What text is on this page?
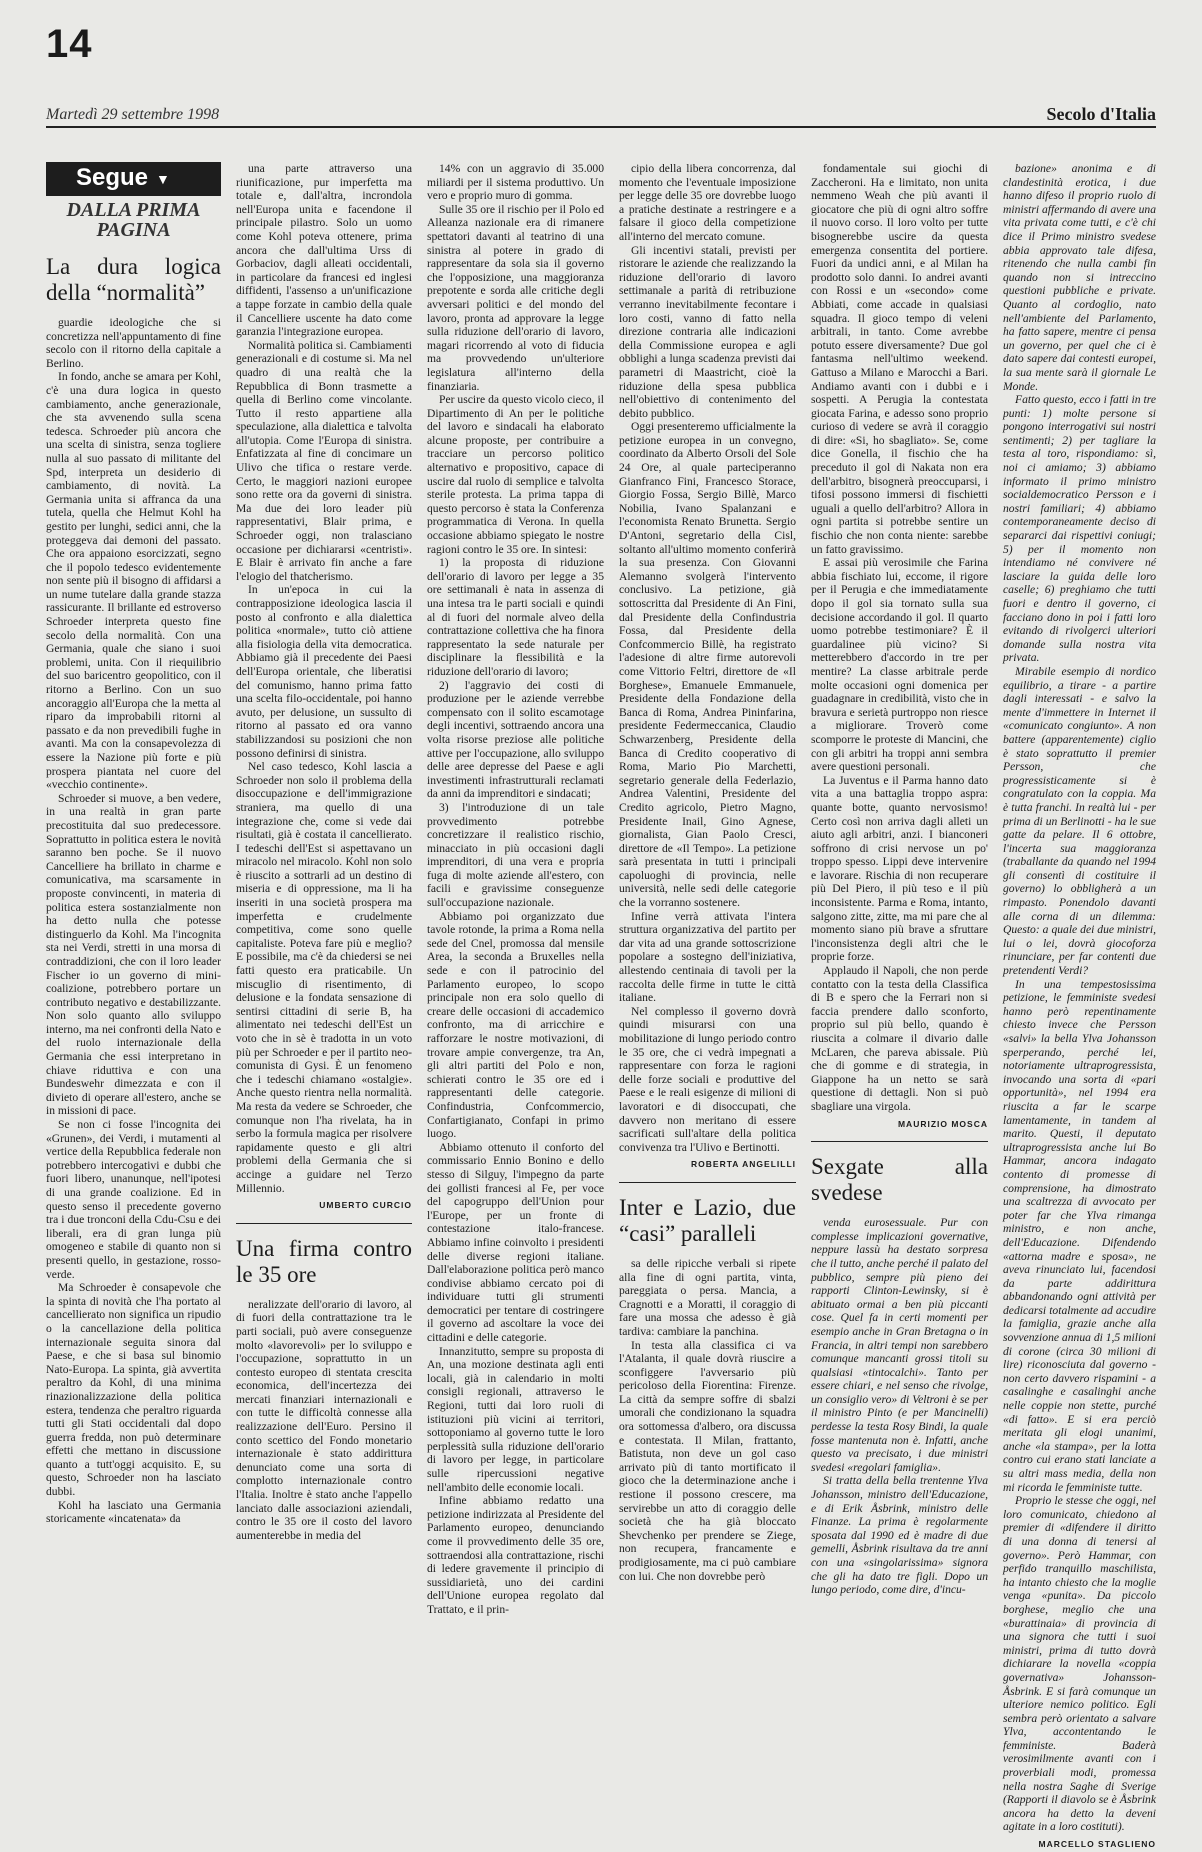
14
Martedì 29 settembre 1998	Secolo d'Italia
Segue ▼
DALLA PRIMA PAGINA
La dura logica della “normalità”

guardie ideologiche che si concretizza nell'appuntamento di fine secolo con il ritorno della capitale a Berlino.

In fondo, anche se amara per Kohl, c'è una dura logica in questo cambiamento, anche generazionale, che sta avvenendo sulla scena tedesca. Schroeder più ancora che una scelta di sinistra, senza togliere nulla al suo passato di militante del Spd, interpreta un desiderio di cambiamento, di novità. La Germania unita si affranca da una tutela, quella che Helmut Kohl ha gestito per lunghi, sedici anni, che la proteggeva dai demoni del passato. Che ora appaiono esorcizzati, segno che il popolo tedesco evidentemente non sente più il bisogno di affidarsi a un nume tutelare dalla grande stazza rassicurante. Il brillante ed estroverso Schroeder interpreta questo fine secolo della normalità. Con una Germania, quale che siano i suoi problemi, unita. Con il riequilibrio del suo baricentro geopolitico, con il ritorno a Berlino. Con un suo ancoraggio all'Europa che la metta al riparo da improbabili ritorni al passato e da non prevedibili fughe in avanti. Ma con la consapevolezza di essere la Nazione più forte e più prospera piantata nel cuore del «vecchio continente».

Schroeder si muove, a ben vedere, in una realtà in gran parte precostituita dal suo predecessore. Soprattutto in politica estera le novità saranno ben poche. Se il nuovo Cancelliere ha brillato in charme e comunicativa, ma scarsamente in proposte convincenti, in materia di politica estera sostanzialmente non ha detto nulla che potesse distinguerlo da Kohl. Ma l'incognita sta nei Verdi, stretti in una morsa di contraddizioni, che con il loro leader Fischer io un governo di mini-coalizione, potrebbero portare un contributo negativo e destabilizzante. Non solo quanto allo sviluppo interno, ma nei confronti della Nato e del ruolo internazionale della Germania che essi interpretano in chiave riduttiva e con una Bundeswehr dimezzata e con il divieto di operare all'estero, anche se in missioni di pace.

Se non ci fosse l'incognita dei «Grunen», dei Verdi, i mutamenti al vertice della Repubblica federale non potrebbero intercogativi e dubbi che fuori libero, unanunque, nell'ipotesi di una grande coalizione. Ed in questo senso il precedente governo tra i due tronconi della Cdu-Csu e dei liberali, era di gran lunga più omogeneo e stabile di quanto non si presenti quello, in gestazione, rosso-verde.

Ma Schroeder è consapevole che la spinta di novità che l'ha portato al cancellierato non significa un ripudio o la cancellazione della politica internazionale seguita sinora dal Paese, e che si basa sul binomio Nato-Europa. La spinta, già avvertita peraltro da Kohl, di una minima rinazionalizzazione della politica estera, tendenza che peraltro riguarda tutti gli Stati occidentali dal dopo guerra fredda, non può determinare effetti che mettano in discussione quanto a tutt'oggi acquisito. E, su questo, Schroeder non ha lasciato dubbi.

Kohl ha lasciato una Germania storicamente «incatenata» da

una parte attraverso una riunificazione, pur imperfetta ma totale e, dall'altra, incrondola nell'Europa unita e facendone il principale pilastro. Solo un uomo come Kohl poteva ottenere, prima ancora che dall'ultima Urss di Gorbaciov, dagli alleati occidentali, in particolare da francesi ed inglesi diffidenti, l'assenso a un'unificazione a tappe forzate in cambio della quale il Cancelliere uscente ha dato come garanzia l'integrazione europea.

Normalità politica si. Cambiamenti generazionali e di costume si. Ma nel quadro di una realtà che la Repubblica di Bonn trasmette a quella di Berlino come vincolante. Tutto il resto appartiene alla speculazione, alla dialettica e talvolta all'utopia. Come l'Europa di sinistra. Enfatizzata al fine di concimare un Ulivo che tifica o restare verde. Certo, le maggiori nazioni europee sono rette ora da governi di sinistra. Ma due dei loro leader più rappresentativi, Blair prima, e Schroeder oggi, non tralasciano occasione per dichiararsi «centristi». E Blair è arrivato fin anche a fare l'elogio del thatcherismo.

In un'epoca in cui la contrapposizione ideologica lascia il posto al confronto e alla dialettica politica «normale», tutto ciò attiene alla fisiologia della vita democratica. Abbiamo già il precedente dei Paesi dell'Europa orientale, che liberatisi del comunismo, hanno prima fatto una scelta filo-occidentale, poi hanno avuto, per delusione, un sussulto di ritorno al passato ed ora vanno stabilizzandosi su posizioni che non possono definirsi di sinistra.

Nel caso tedesco, Kohl lascia a Schroeder non solo il problema della disoccupazione e dell'immigrazione straniera, ma quello di una integrazione che, come si vede dai risultati, già è costata il cancellierato. I tedeschi dell'Est si aspettavano un miracolo nel miracolo. Kohl non solo è riuscito a sottrarli ad un destino di miseria e di oppressione, ma li ha inseriti in una società prospera ma imperfetta e crudelmente competitiva, come sono quelle capitaliste. Poteva fare più e meglio? E possibile, ma c'è da chiedersi se nei fatti questo era praticabile. Un miscuglio di risentimento, di delusione e la fondata sensazione di sentirsi cittadini di serie B, ha alimentato nei tedeschi dell'Est un voto che in sè è tradotta in un voto più per Schroeder e per il partito neo-comunista di Gysi. È un fenomeno che i tedeschi chiamano «ostalgie». Anche questo rientra nella normalità. Ma resta da vedere se Schroeder, che comunque non l'ha rivelata, ha in serbo la formula magica per risolvere rapidamente questo e gli altri problemi della Germania che si accinge a guidare nel Terzo Millennio.

UMBERTO CURCIO
Una firma contro le 35 ore

neralizzate dell'orario di lavoro, al di fuori della contrattazione tra le parti sociali, può avere conseguenze molto «lavorevoli» per lo sviluppo e l'occupazione, soprattutto in un contesto europeo di stentata crescita economica, dell'incertezza dei mercati finanziari internazionali e con tutte le difficoltà connesse alla realizzazione dell'Euro. Persino il conto scettico del Fondo monetario internazionale è stato addirittura denunciato come una sorta di complotto internazionale contro l'Italia. Inoltre è stato anche l'appello lanciato dalle associazioni aziendali, contro le 35 ore il costo del lavoro aumenterebbe in media del

14% con un aggravio di 35.000 miliardi per il sistema produttivo. Un vero e proprio muro di gomma.

Sulle 35 ore il rischio per il Polo ed Alleanza nazionale era di rimanere spettatori davanti al teatrino di una sinistra al potere in grado di rappresentare da sola sia il governo che l'opposizione, una maggioranza prepotente e sorda alle critiche degli avversari politici e del mondo del lavoro, pronta ad approvare la legge sulla riduzione dell'orario di lavoro, magari ricorrendo al voto di fiducia ma provvedendo un'ulteriore legislatura all'interno della finanziaria.

Per uscire da questo vicolo cieco, il Dipartimento di An per le politiche del lavoro e sindacali ha elaborato alcune proposte, per contribuire a tracciare un percorso politico alternativo e propositivo, capace di uscire dal ruolo di semplice e talvolta sterile protesta. La prima tappa di questo percorso è stata la Conferenza programmatica di Verona. In quella occasione abbiamo spiegato le nostre ragioni contro le 35 ore. In sintesi:

1) la proposta di riduzione dell'orario di lavoro per legge a 35 ore settimanali è nata in assenza di una intesa tra le parti sociali e quindi al di fuori del normale alveo della contrattazione collettiva che ha finora rappresentato la sede naturale per disciplinare la flessibilità e la riduzione dell'orario di lavoro;

2) l'aggravio dei costi di produzione per le aziende verrebbe compensato con il solito escamotage degli incentivi, sottraendo ancora una volta risorse preziose alle politiche attive per l'occupazione, allo sviluppo delle aree depresse del Paese e agli investimenti infrastrutturali reclamati da anni da imprenditori e sindacati;

3) l'introduzione di un tale provvedimento potrebbe concretizzare il realistico rischio, minacciato in più occasioni dagli imprenditori, di una vera e propria fuga di molte aziende all'estero, con facili e gravissime conseguenze sull'occupazione nazionale.

Abbiamo poi organizzato due tavole rotonde, la prima a Roma nella sede del Cnel, promossa dal mensile Area, la seconda a Bruxelles nella sede e con il patrocinio del Parlamento europeo, lo scopo principale non era solo quello di creare delle occasioni di accademico confronto, ma di arricchire e rafforzare le nostre motivazioni, di trovare ampie convergenze, tra An, gli altri partiti del Polo e non, schierati contro le 35 ore ed i rappresentanti delle categorie. Confindustria, Confcommercio, Confartigianato, Confapi in primo luogo.

Abbiamo ottenuto il conforto del commissario Ennio Bonino e dello stesso di Silguy, l'impegno da parte dei gollisti francesi al Fe, per voce del capogruppo dell'Union pour l'Europe, per un fronte di contestazione italo-francese. Abbiamo infine coinvolto i presidenti delle diverse regioni italiane. Dall'elaborazione politica però manco condivise abbiamo cercato poi di individuare tutti gli strumenti democratici per tentare di costringere il governo ad ascoltare la voce dei cittadini e delle categorie.

Innanzitutto, sempre su proposta di An, una mozione destinata agli enti locali, già in calendario in molti consigli regionali, attraverso le Regioni, tutti dai loro ruoli di istituzioni più vicini ai territori, sottoponiamo al governo tutte le loro perplessità sulla riduzione dell'orario di lavoro per legge, in particolare sulle ripercussioni negative nell'ambito delle economie locali.

Infine abbiamo redatto una petizione indirizzata al Presidente del Parlamento europeo, denunciando come il provvedimento delle 35 ore, sottraendosi alla contrattazione, rischi di ledere gravemente il principio di sussidiarietà, uno dei cardini dell'Unione europea regolato dal Trattato, e il prin-

cipio della libera concorrenza, dal momento che l'eventuale imposizione per legge delle 35 ore dovrebbe luogo a pratiche destinate a restringere e a falsare il gioco della competizione all'interno del mercato comune.

Gli incentivi statali, previsti per ristorare le aziende che realizzando la riduzione dell'orario di lavoro settimanale a parità di retribuzione verranno inevitabilmente fecontare i loro costi, vanno di fatto nella direzione contraria alle indicazioni della Commissione europea e agli obblighi a lunga scadenza previsti dai parametri di Maastricht, cioè la riduzione della spesa pubblica nell'obiettivo di contenimento del debito pubblico.

Oggi presenteremo ufficialmente la petizione europea in un convegno, coordinato da Alberto Orsoli del Sole 24 Ore, al quale parteciperanno Gianfranco Fini, Francesco Storace, Giorgio Fossa, Sergio Billè, Marco Nobilia, Ivano Spalanzani e l'economista Renato Brunetta. Sergio D'Antoni, segretario della Cisl, soltanto all'ultimo momento conferirà la sua presenza. Con Giovanni Alemanno svolgerà l'intervento conclusivo. La petizione, già sottoscritta dal Presidente di An Fini, dal Presidente della Confindustria Fossa, dal Presidente della Confcommercio Billè, ha registrato l'adesione di altre firme autorevoli come Vittorio Feltri, direttore de «Il Borghese», Emanuele Emmanuele, Presidente della Fondazione della Banca di Roma, Andrea Pininfarina, presidente Federmeccanica, Claudio Schwarzenberg, Presidente della Banca di Credito cooperativo di Roma, Mario Pio Marchetti, segretario generale della Federlazio, Andrea Valentini, Presidente del Credito agricolo, Pietro Magno, Presidente Inail, Gino Agnese, giornalista, Gian Paolo Cresci, direttore de «Il Tempo». La petizione sarà presentata in tutti i principali capoluoghi di provincia, nelle università, nelle sedi delle categorie che la vorranno sostenere.

Infine verrà attivata l'intera struttura organizzativa del partito per dar vita ad una grande sottoscrizione popolare a sostegno dell'iniziativa, allestendo centinaia di tavoli per la raccolta delle firme in tutte le città italiane.

Nel complesso il governo dovrà quindi misurarsi con una mobilitazione di lungo periodo contro le 35 ore, che ci vedrà impegnati a rappresentare con forza le ragioni delle forze sociali e produttive del Paese e le reali esigenze di milioni di lavoratori e di disoccupati, che davvero non meritano di essere sacrificati sull'altare della politica convivenza tra l'Ulivo e Bertinotti.

ROBERTA ANGELILLI
Inter e Lazio, due “casi” paralleli

sa delle ripicche verbali si ripete alla fine di ogni partita, vinta, pareggiata o persa. Mancia, a Cragnotti e a Moratti, il coraggio di fare una mossa che adesso è già tardiva: cambiare la panchina.

In testa alla classifica ci va l'Atalanta, il quale dovrà riuscire a sconfiggere l'avversario più pericoloso della Fiorentina: Firenze. La città da sempre soffre di sbalzi umorali che condizionano la squadra ora sottomessa d'albero, ora discussa e contestata. Il Milan, frattanto, Batistuta, non deve un gol caso arrivato più di tanto mortificato il gioco che la determinazione anche i restione il possono crescere, ma servirebbe un atto di coraggio delle società che ha già bloccato Shevchenko per prendere se Ziege, non recupera, francamente e prodigiosamente, ma ci può cambiare con lui. Che non dovrebbe però

fondamentale sui giochi di Zaccheroni. Ha e limitato, non unita nemmeno Weah che più avanti il giocatore che più di ogni altro soffre il nuovo corso. Il loro volto per tutte bisognerebbe uscire da questa emergenza consentita del portiere. Fuori da undici anni, e al Milan ha prodotto solo danni. Io andrei avanti con Rossi e un «secondo» come Abbiati, come accade in qualsiasi squadra. Il gioco tempo di veleni arbitrali, in tanto. Come avrebbe potuto essere diversamente? Due gol fantasma nell'ultimo weekend. Gattuso a Milano e Marocchi a Bari. Andiamo avanti con i dubbi e i sospetti. A Perugia la contestata giocata Farina, e adesso sono proprio curioso di vedere se avrà il coraggio di dire: «Si, ho sbagliato». Se, come dice Gonella, il fischio che ha preceduto il gol di Nakata non era dell'arbitro, bisognerà preoccuparsi, i tifosi possono immersi di fischietti uguali a quello dell'arbitro? Allora in ogni partita si potrebbe sentire un fischio che non conta niente: sarebbe un fatto gravissimo.

E assai più verosimile che Farina abbia fischiato lui, eccome, il rigore per il Perugia e che immediatamente dopo il gol sia tornato sulla sua decisione accordando il gol. Il quarto uomo potrebbe testimoniare? È il guardalinee più vicino? Si metterebbero d'accordo in tre per mentire? La classe arbitrale perde molte occasioni ogni domenica per guadagnare in credibilità, visto che in bravura e serietà purtroppo non riesce a migliorare. Troverò come scomporre le proteste di Mancini, che con gli arbitri ha troppi anni sembra avere questioni personali.

La Juventus e il Parma hanno dato vita a una battaglia troppo aspra: quante botte, quanto nervosismo! Certo così non arriva dagli alleti un aiuto agli arbitri, anzi. I bianconeri soffrono di crisi nervose un po' troppo spesso. Lippi deve intervenire e lavorare. Rischia di non recuperare più Del Piero, il più teso e il più inconsistente. Parma e Roma, intanto, salgono zitte, zitte, ma mi pare che al momento siano più brave a sfruttare l'inconsistenza degli altri che le proprie forze.

Applaudo il Napoli, che non perde contatto con la testa della Classifica di B e spero che la Ferrari non si faccia prendere dallo sconforto, proprio sul più bello, quando è riuscita a colmare il divario dalle McLaren, che pareva abissale. Più che di gomme e di strategia, in Giappone ha un netto se sarà questione di dettagli. Non si può sbagliare una virgola.

MAURIZIO MOSCA
Sexgate alla svedese

venda eurosessuale. Pur con complesse implicazioni governative, neppure lassù ha destato sorpresa che il tutto, anche perché il palato del pubblico, sempre più pieno dei rapporti Clinton-Lewinsky, si è abituato ormai a ben più piccanti cose. Quel fa in certi momenti per esempio anche in Gran Bretagna o in Francia, in altri tempi non sarebbero comunque mancanti grossi titoli su qualsiasi «tintocalchi». Tanto per essere chiari, e nel senso che rivolge, un consiglio vero» di Veltroni è se per il ministro Pinto (e per Mancinelli) perdesse la testa Rosy Bindi, la quale fosse mantenuta non è. Infatti, anche questo va precisato, i due ministri svedesi «regolari famiglia».

Si tratta della bella trentenne Ylva Johansson, ministro dell'Educazione, e di Erik Åsbrink, ministro delle Finanze. La prima è regolarmente sposata dal 1990 ed è madre di due gemelli, Åsbrink risultava da tre anni con una «singolarissima» signora che gli ha dato tre figli. Dopo un lungo periodo, come dire, d'incu-

bazione» anonima e di clandestinità erotica, i due hanno difeso il proprio ruolo di ministri affermando di avere una vita privata come tutti, e c'è chi dice il Primo ministro svedese abbia approvato tale difesa, ritenendo che nulla cambi fin quando non si intreccino questioni pubbliche e private. Quanto al cordoglio, nato nell'ambiente del Parlamento, ha fatto sapere, mentre ci pensa un governo, per quel che ci è dato sapere dai contesti europei, la sua mente sarà il giornale Le Monde.

Fatto questo, ecco i fatti in tre punti: 1) molte persone si pongono interrogativi sui nostri sentimenti; 2) per tagliare la testa al toro, rispondiamo: sì, noi ci amiamo; 3) abbiamo informato il primo ministro socialdemocratico Persson e i nostri familiari; 4) abbiamo contemporaneamente deciso di separarci dai rispettivi coniugi; 5) per il momento non intendiamo né convivere né lasciare la guida delle loro caselle; 6) preghiamo che tutti fuori e dentro il governo, ci facciano dono in poi i fatti loro evitando di rivolgerci ulteriori domande sulla nostra vita privata.

Mirabile esempio di nordico equilibrio, a tirare - a partire dagli interessati - e salvo la mente d'immettere in Internet il «comunicato congiunto». A non battere (apparentemente) ciglio è stato soprattutto il premier Persson, che progressisticamente si è congratulato con la coppia. Ma è tutta franchi. In realtà lui - per prima di un Berlinotti - ha le sue gatte da pelare. Il 6 ottobre, l'incerta sua maggioranza (traballante da quando nel 1994 gli consentì di costituire il governo) lo obbligherà a un rimpasto. Ponendolo davanti alle corna di un dilemma: Questo: a quale dei due ministri, lui o lei, dovrà giocoforza rinunciare, per far contenti due pretendenti Verdi?

In una tempestosissima petizione, le femministe svedesi hanno però repentinamente chiesto invece che Persson «salvi» la bella Ylva Johansson sperperando, perché lei, notoriamente ultraprogressista, invocando una sorta di «pari opportunità», nel 1994 era riuscita a far le scarpe lamentamente, in tandem al marito. Questi, il deputato ultraprogressista anche lui Bo Hammar, ancora indagato contento di promesse di comprensione, ha dimostrato una scaltrezza di avvocato per poter far che Ylva rimanga ministro, e non anche, dell'Educazione. Difendendo «attorna madre e sposa», ne aveva rinunciato lui, facendosi da parte addirittura abbandonando ogni attività per dedicarsi totalmente ad accudire la famiglia, grazie anche alla sovvenzione annua di 1,5 milioni di corone (circa 30 milioni di lire) riconosciuta dal governo - non certo davvero rispamini - a casalinghe e casalinghi anche nelle coppie non stette, purché «di fatto». E si era perciò meritata gli elogi unanimi, anche «la stampa», per la lotta contro cui erano stati lanciate a su altri mass media, della non mi ricorda le femministe tutte.

Proprio le stesse che oggi, nel loro comunicato, chiedono al premier di «difendere il diritto di una donna di tenersi al governo». Però Hammar, con perfido tranquillo maschilista, ha intanto chiesto che la moglie venga «punita». Da piccolo borghese, meglio che una «burattinaia» di provincia di una signora che tutti i suoi ministri, prima di tutto dovrà dichiarare la novella «coppia governativa» Johansson-Åsbrink. E si farà comunque un ulteriore nemico politico. Egli sembra però orientato a salvare Ylva, accontentando le femministe. Baderà verosimilmente avanti con i proverbiali modi, promessa nella nostra Saghe di Sverige (Rapporti il diavolo se è Åsbrink ancora ha detto la deveni agitate in a loro costituti).

MARCELLO STAGLIENO
